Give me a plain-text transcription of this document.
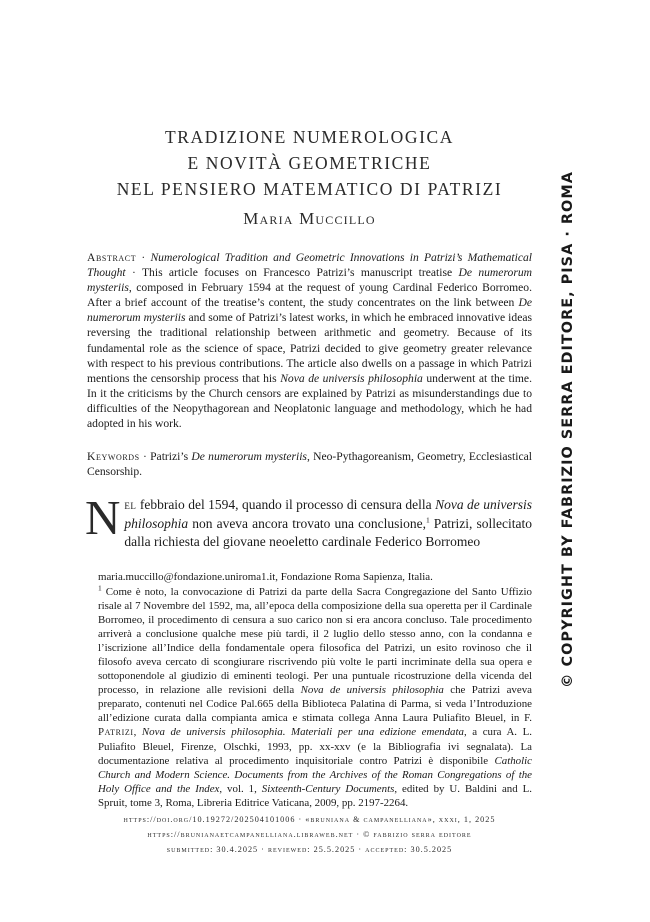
TRADIZIONE NUMEROLOGICA
E NOVITÀ GEOMETRICHE
NEL PENSIERO MATEMATICO DI PATRIZI
Maria Muccillo

Abstract · Numerological Tradition and Geometric Innovations in Patrizi’s Mathematical Thought · This article focuses on Francesco Patrizi’s manuscript treatise De numerorum mysteriis, composed in February 1594 at the request of young Cardinal Federico Borromeo. After a brief account of the treatise’s content, the study concentrates on the link between De numerorum mysteriis and some of Patrizi’s latest works, in which he embraced innovative ideas reversing the traditional relationship between arithmetic and geometry. Because of its fundamental role as the science of space, Patrizi decided to give geometry greater relevance with respect to his previous contributions. The article also dwells on a passage in which Patrizi mentions the censorship process that his Nova de universis philosophia underwent at the time. In it the criticisms by the Church censors are explained by Patrizi as misunderstandings due to difficulties of the Neopythagorean and Neoplatonic language and methodology, which he had adopted in his work.

Keywords · Patrizi’s De numerorum mysteriis, Neo-Pythagoreanism, Geometry, Ecclesiastical Censorship.

Nel febbraio del 1594, quando il processo di censura della Nova de universis philosophia non aveva ancora trovato una conclusione,$^1$ Patrizi, sollecitato dalla richiesta del giovane neoeletto cardinale Federico Borromeo

maria.muccillo@fondazione.uniroma1.it, Fondazione Roma Sapienza, Italia.

$^1$ Come è noto, la convocazione di Patrizi da parte della Sacra Congregazione del Santo Uffizio risale al 7 Novembre del 1592, ma, all’epoca della composizione della sua operetta per il Cardinale Borromeo, il procedimento di censura a suo carico non si era ancora concluso. Tale procedimento arriverà a conclusione qualche mese più tardi, il 2 luglio dello stesso anno, con la condanna e l’iscrizione all’Indice della fondamentale opera filosofica del Patrizi, un esito rovinoso che il filosofo aveva cercato di scongiurare riscrivendo più volte le parti incriminate della sua opera e sottoponendole al giudizio di eminenti teologi. Per una puntuale ricostruzione della vicenda del processo, in relazione alle revisioni della Nova de universis philosophia che Patrizi aveva preparato, contenuti nel Codice Pal.665 della Biblioteca Palatina di Parma, si veda l’Introduzione all’edizione curata dalla compianta amica e stimata collega Anna Laura Puliafito Bleuel, in F. Patrizi, Nova de universis philosophia. Materiali per una edizione emendata, a cura A. L. Puliafito Bleuel, Firenze, Olschki, 1993, pp. xx-xxv (e la Bibliografia ivi segnalata). La documentazione relativa al procedimento inquisitoriale contro Patrizi è disponibile Catholic Church and Modern Science. Documents from the Archives of the Roman Congregations of the Holy Office and the Index, vol. 1, Sixteenth-Century Documents, edited by U. Baldini and L. Spruit, tome 3, Roma, Libreria Editrice Vaticana, 2009, pp. 2197-2264.

https://doi.org/10.19272/202504101006 · «bruniana & campanelliana», xxxi, 1, 2025
https://brunianaetcampanelliana.libraweb.net · © fabrizio serra editore
submitted: 30.4.2025 · reviewed: 25.5.2025 · accepted: 30.5.2025
© COPYRIGHT BY FABRIZIO SERRA EDITORE, PISA · ROMA
